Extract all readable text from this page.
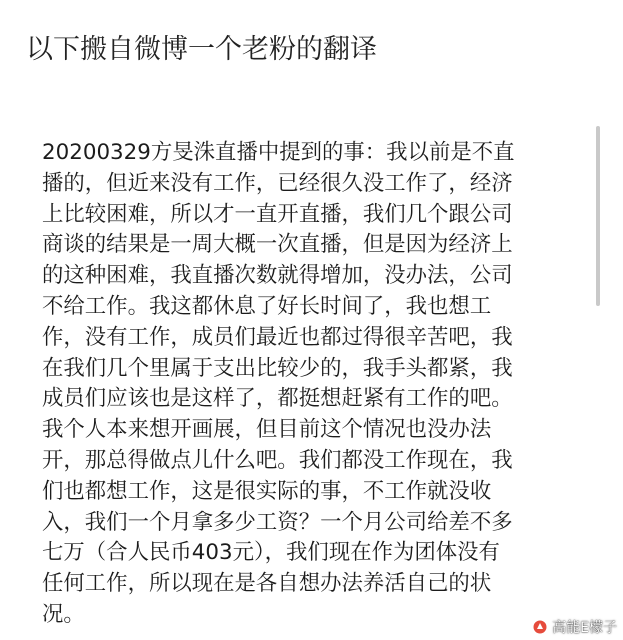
以下搬自微博一个老粉的翻译
20200329方旻洙直播中提到的事：我以前是不直
播的，但近来没有工作，已经很久没工作了，经济
上比较困难，所以才一直开直播，我们几个跟公司
商谈的结果是一周大概一次直播，但是因为经济上
的这种困难，我直播次数就得增加，没办法，公司
不给工作。我这都休息了好长时间了，我也想工
作，没有工作，成员们最近也都过得很辛苦吧，我
在我们几个里属于支出比较少的，我手头都紧，我
成员们应该也是这样了，都挺想赶紧有工作的吧。
我个人本来想开画展，但目前这个情况也没办法
开，那总得做点儿什么吧。我们都没工作现在，我
们也都想工作，这是很实际的事，不工作就没收
入，我们一个月拿多少工资？一个月公司给差不多
七万（合人民币403元），我们现在作为团体没有
任何工作，所以现在是各自想办法养活自己的状
况。
高能E檬子
